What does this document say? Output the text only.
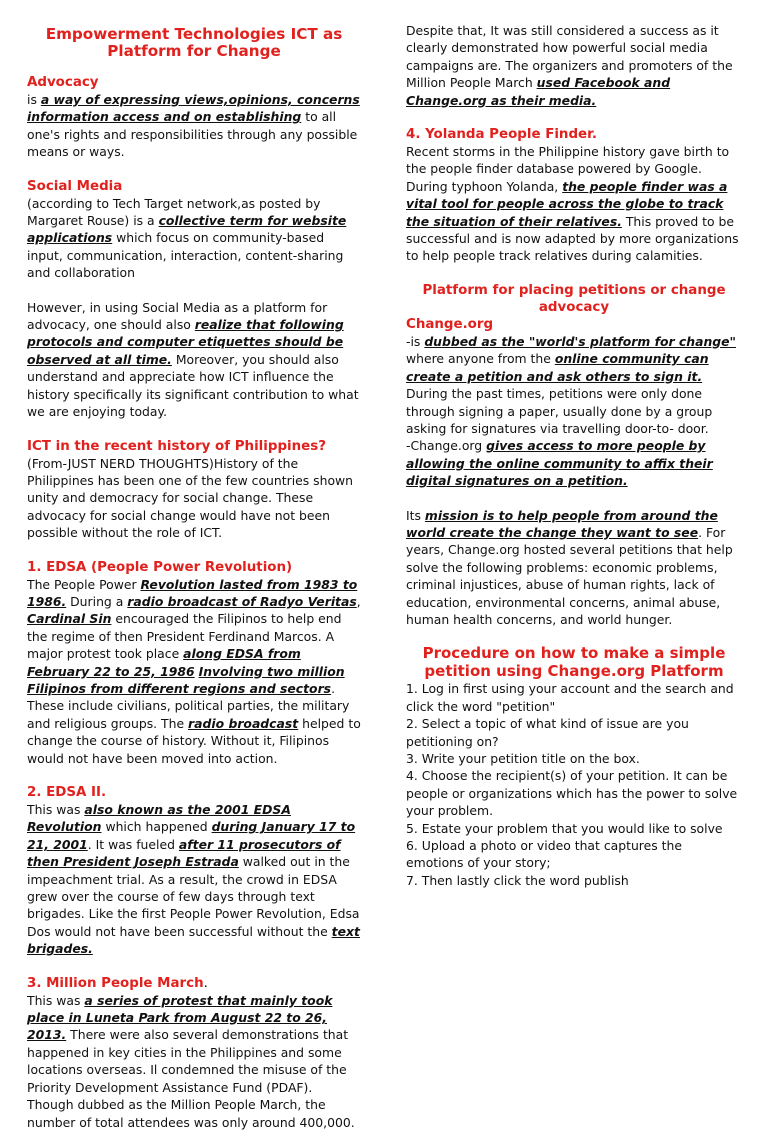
Empowerment Technologies ICT as Platform for Change
Advocacy

is a way of expressing views,opinions, concerns information access and on establishing to all one's rights and responsibilities through any possible means or ways.

Social Media

(according to Tech Target network,as posted by Margaret Rouse) is a collective term for website applications which focus on community-based input, communication, interaction, content-sharing and collaboration

However, in using Social Media as a platform for advocacy, one should also realize that following protocols and computer etiquettes should be observed at all time. Moreover, you should also understand and appreciate how ICT influence the history specifically its significant contribution to what we are enjoying today.

ICT in the recent history of Philippines?

(From-JUST NERD THOUGHTS)History of the Philippines has been one of the few countries shown unity and democracy for social change. These advocacy for social change would have not been possible without the role of ICT.

1. EDSA (People Power Revolution)

The People Power Revolution lasted from 1983 to 1986. During a radio broadcast of Radyo Veritas, Cardinal Sin encouraged the Filipinos to help end the regime of then President Ferdinand Marcos. A major protest took place along EDSA from February 22 to 25, 1986 Involving two million Filipinos from different regions and sectors. These include civilians, political parties, the military and religious groups. The radio broadcast helped to change the course of history. Without it, Filipinos would not have been moved into action.

2. EDSA II.

This was also known as the 2001 EDSA Revolution which happened during January 17 to 21, 2001. It was fueled after 11 prosecutors of then President Joseph Estrada walked out in the impeachment trial. As a result, the crowd in EDSA grew over the course of few days through text brigades. Like the first People Power Revolution, Edsa Dos would not have been successful without the text brigades.

3. Million People March.

This was a series of protest that mainly took place in Luneta Park from August 22 to 26, 2013. There were also several demonstrations that happened in key cities in the Philippines and some locations overseas. Il condemned the misuse of the Priority Development Assistance Fund (PDAF). Though dubbed as the Million People March, the number of total attendees was only around 400,000.

Despite that, It was still considered a success as it clearly demonstrated how powerful social media campaigns are. The organizers and promoters of the Million People March used Facebook and Change.org as their media.

4. Yolanda People Finder.

Recent storms in the Philippine history gave birth to the people finder database powered by Google. During typhoon Yolanda, the people finder was a vital tool for people across the globe to track the situation of their relatives. This proved to be successful and is now adapted by more organizations to help people track relatives during calamities.

Platform for placing petitions or change advocacy
Change.org

-is dubbed as the "world's platform for change" where anyone from the online community can create a petition and ask others to sign it. During the past times, petitions were only done through signing a paper, usually done by a group asking for signatures via travelling door-to- door.

-Change.org gives access to more people by allowing the online community to affix their digital signatures on a petition.

Its mission is to help people from around the world create the change they want to see. For years, Change.org hosted several petitions that help solve the following problems: economic problems, criminal injustices, abuse of human rights, lack of education, environmental concerns, animal abuse, human health concerns, and world hunger.

Procedure on how to make a simple petition using Change.org Platform
1. Log in first using your account and the search and click the word "petition"
2. Select a topic of what kind of issue are you petitioning on?
3. Write your petition title on the box.
4. Choose the recipient(s) of your petition. It can be people or organizations which has the power to solve your problem.
5. Estate your problem that you would like to solve
6. Upload a photo or video that captures the emotions of your story;
7. Then lastly click the word publish
